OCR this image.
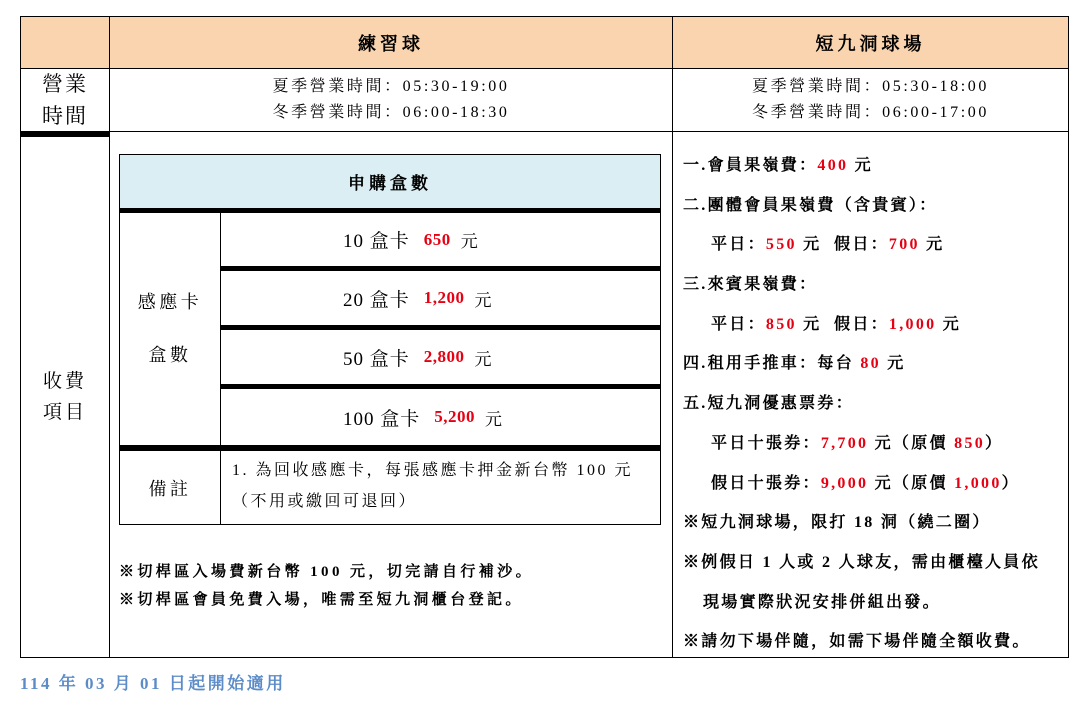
練習球	短九洞球場
營業
時間
夏季營業時間：05:30-19:00
冬季營業時間：06:00-18:30
夏季營業時間：05:30-18:00
冬季營業時間：06:00-17:00
收費
項目
申購盒數
感應卡
盒數
10 盒卡 650 元
20 盒卡 1,200 元
50 盒卡 2,800 元
100 盒卡 5,200 元
備註
1. 為回收感應卡，每張感應卡押金新台幣 100 元
（不用或繳回可退回）
※切桿區入場費新台幣 100 元，切完請自行補沙。
※切桿區會員免費入場，唯需至短九洞櫃台登記。
一.會員果嶺費：400 元
二.團體會員果嶺費（含貴賓）：
平日：550 元  假日：700 元
三.來賓果嶺費：
平日：850 元  假日：1,000 元
四.租用手推車：每台 80 元
五.短九洞優惠票券：
平日十張券：7,700 元（原價 850）
假日十張券：9,000 元（原價 1,000）
※短九洞球場，限打 18 洞（繞二圈）
※例假日 1 人或 2 人球友，需由櫃檯人員依
現場實際狀況安排併組出發。
※請勿下場伴隨，如需下場伴隨全額收費。
114 年 03 月 01 日起開始適用
